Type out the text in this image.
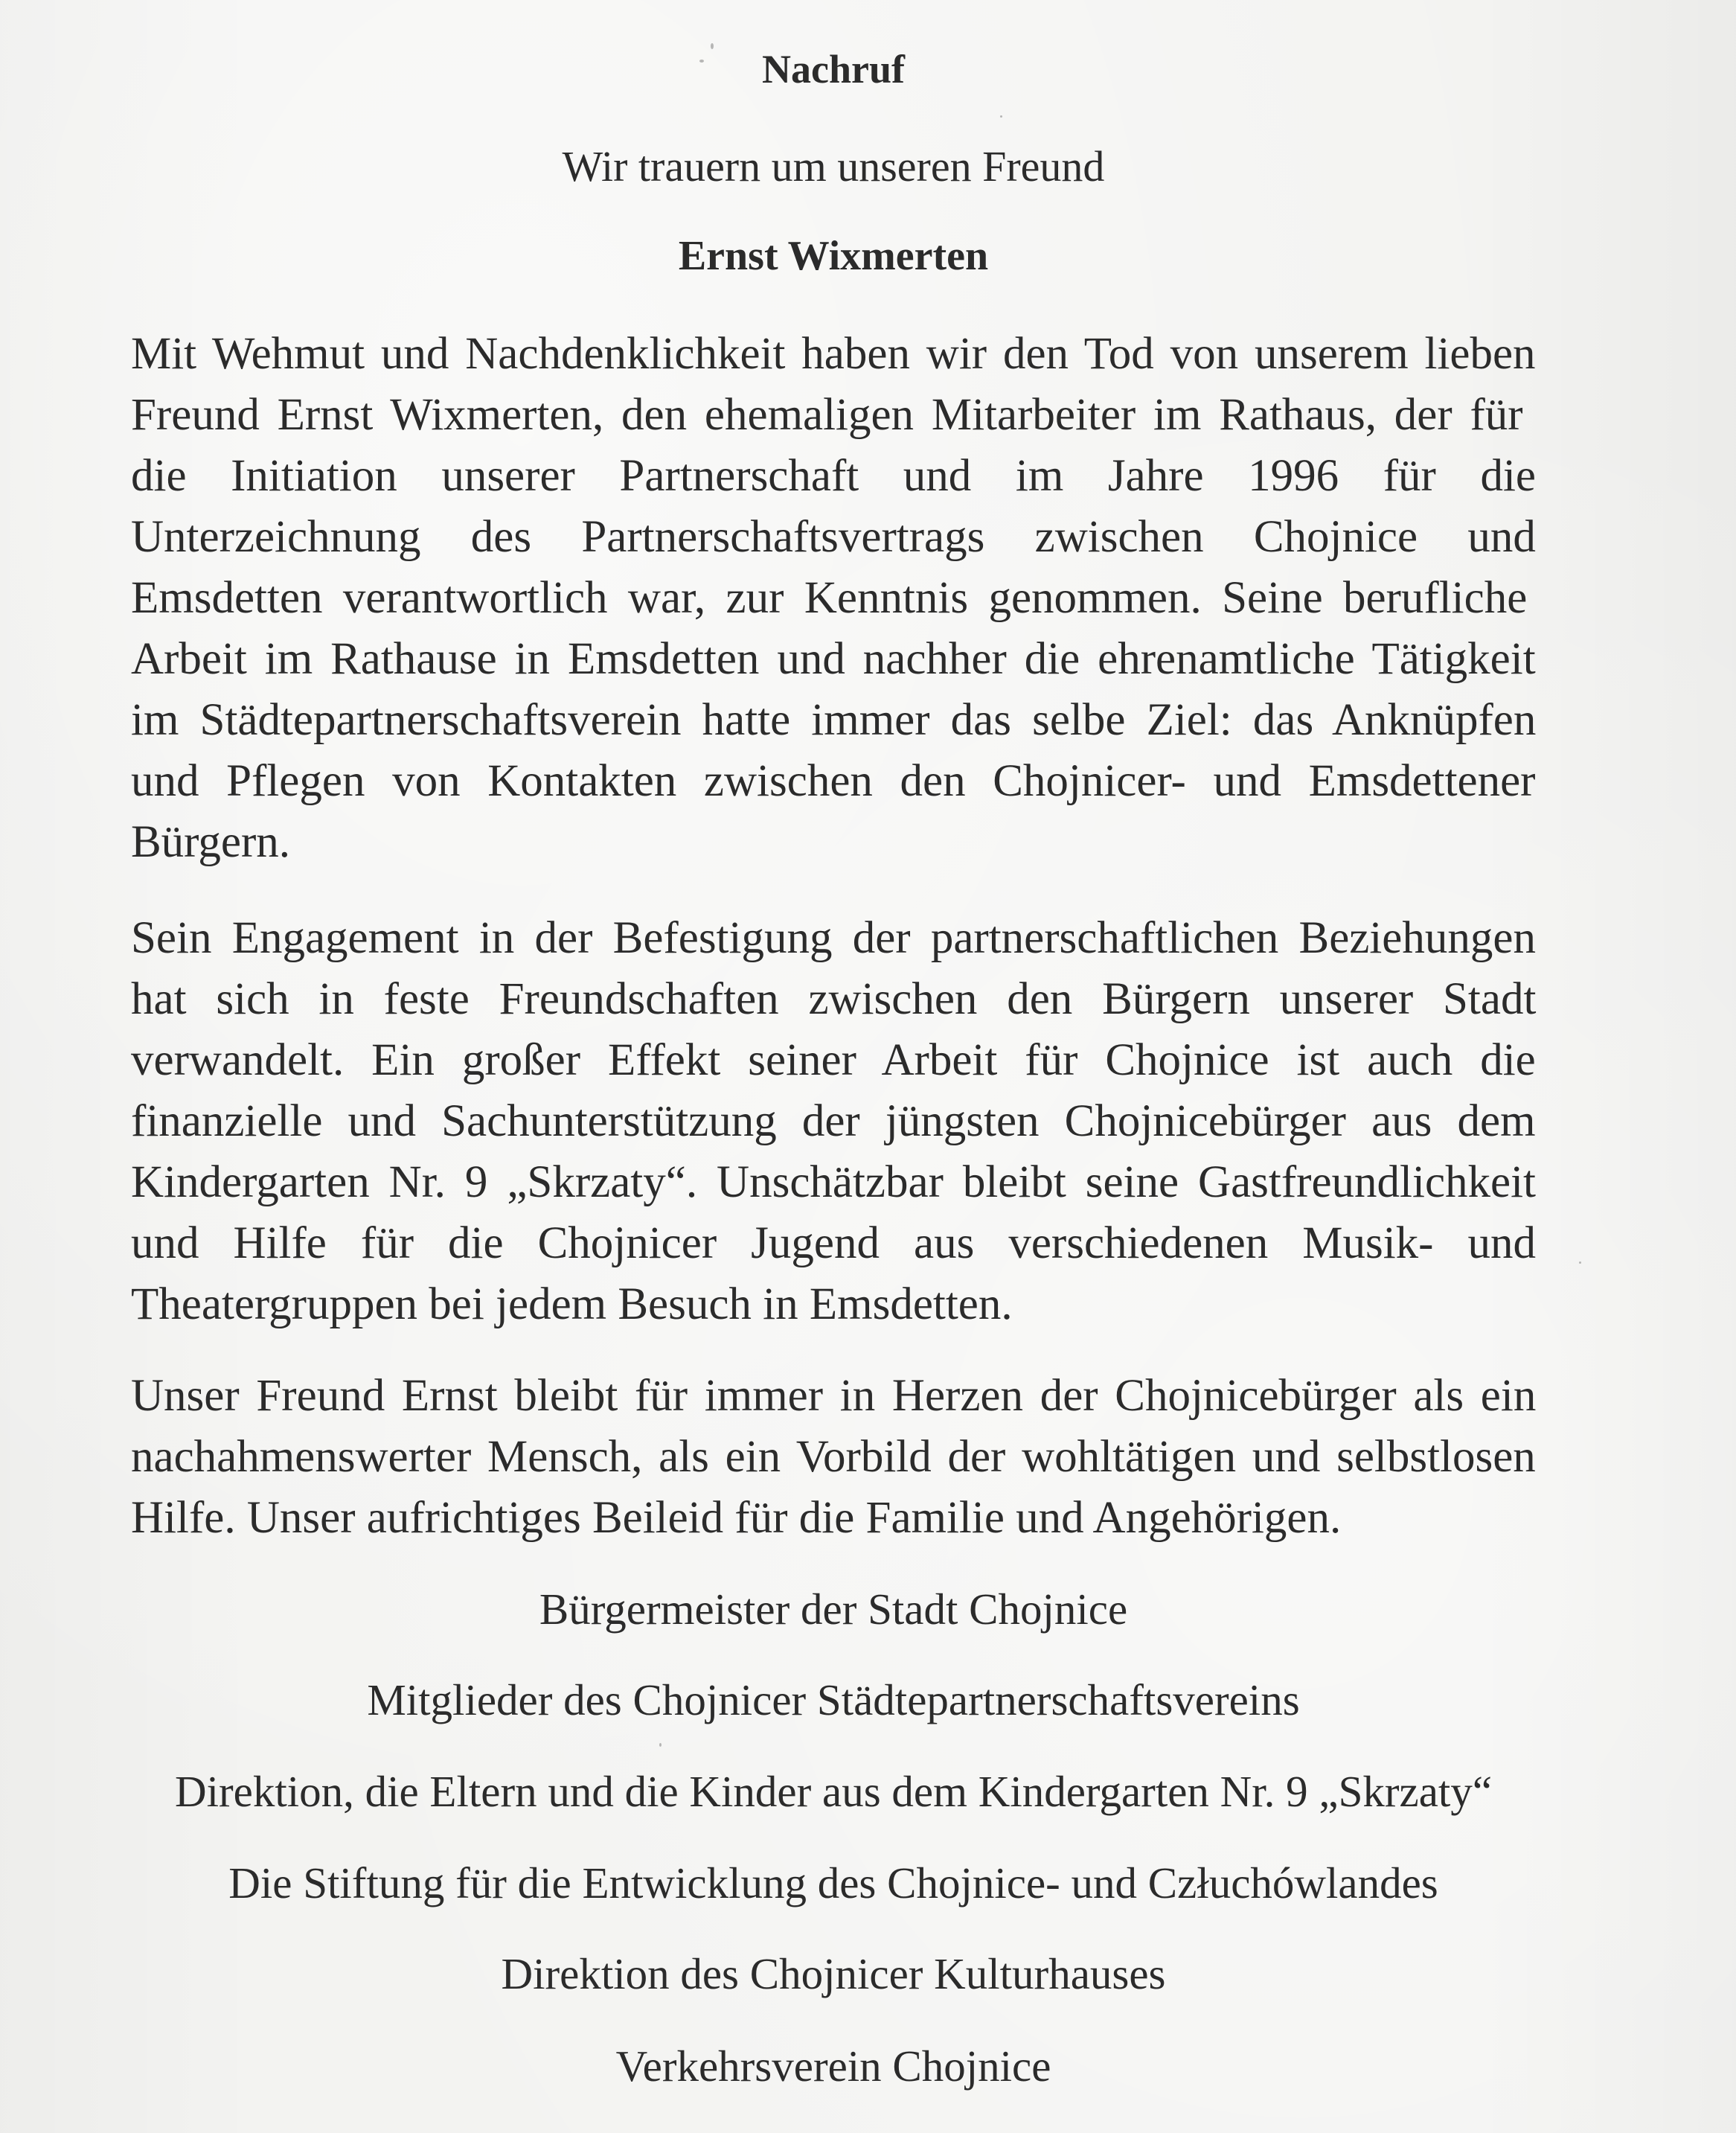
Nachruf
Wir trauern um unseren Freund
Ernst Wixmerten
Mit Wehmut und Nachdenklichkeit haben wir den Tod von unserem lieben
Freund Ernst Wixmerten, den ehemaligen Mitarbeiter im Rathaus, der für
die Initiation unserer Partnerschaft und im Jahre 1996 für die
Unterzeichnung des Partnerschaftsvertrags zwischen Chojnice und
Emsdetten verantwortlich war, zur Kenntnis genommen. Seine berufliche
Arbeit im Rathause in Emsdetten und nachher die ehrenamtliche Tätigkeit
im Städtepartnerschaftsverein hatte immer das selbe Ziel: das Anknüpfen
und Pflegen von Kontakten zwischen den Chojnicer- und Emsdettener
Bürgern.
Sein Engagement in der Befestigung der partnerschaftlichen Beziehungen
hat sich in feste Freundschaften zwischen den Bürgern unserer Stadt
verwandelt. Ein großer Effekt seiner Arbeit für Chojnice ist auch die
finanzielle und Sachunterstützung der jüngsten Chojnicebürger aus dem
Kindergarten Nr. 9 „Skrzaty“. Unschätzbar bleibt seine Gastfreundlichkeit
und Hilfe für die Chojnicer Jugend aus verschiedenen Musik- und
Theatergruppen bei jedem Besuch in Emsdetten.
Unser Freund Ernst bleibt für immer in Herzen der Chojnicebürger als ein
nachahmenswerter Mensch, als ein Vorbild der wohltätigen und selbstlosen
Hilfe. Unser aufrichtiges Beileid für die Familie und Angehörigen.
Bürgermeister der Stadt Chojnice
Mitglieder des Chojnicer Städtepartnerschaftsvereins
Direktion, die Eltern und die Kinder aus dem Kindergarten Nr. 9 „Skrzaty“
Die Stiftung für die Entwicklung des Chojnice- und Człuchówlandes
Direktion des Chojnicer Kulturhauses
Verkehrsverein Chojnice
